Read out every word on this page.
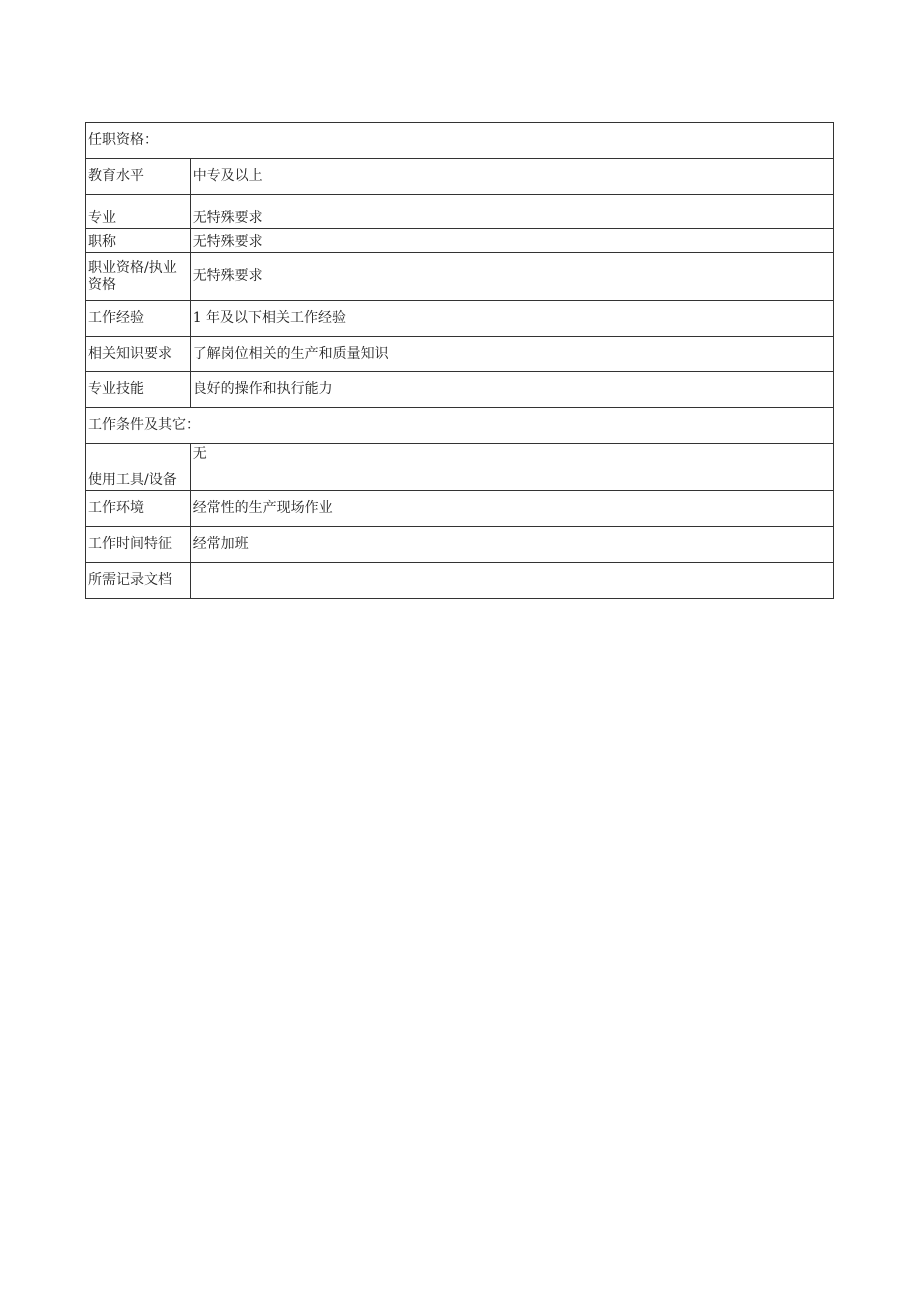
任职资格：	
教育水平	中专及以上
专业	无特殊要求
职称	无特殊要求
职业资格/执业资格	无特殊要求
工作经验	1 年及以下相关工作经验
相关知识要求	了解岗位相关的生产和质量知识
专业技能	良好的操作和执行能力
工作条件及其它：	
使用工具/设备	无
工作环境	经常性的生产现场作业
工作时间特征	经常加班
所需记录文档	
